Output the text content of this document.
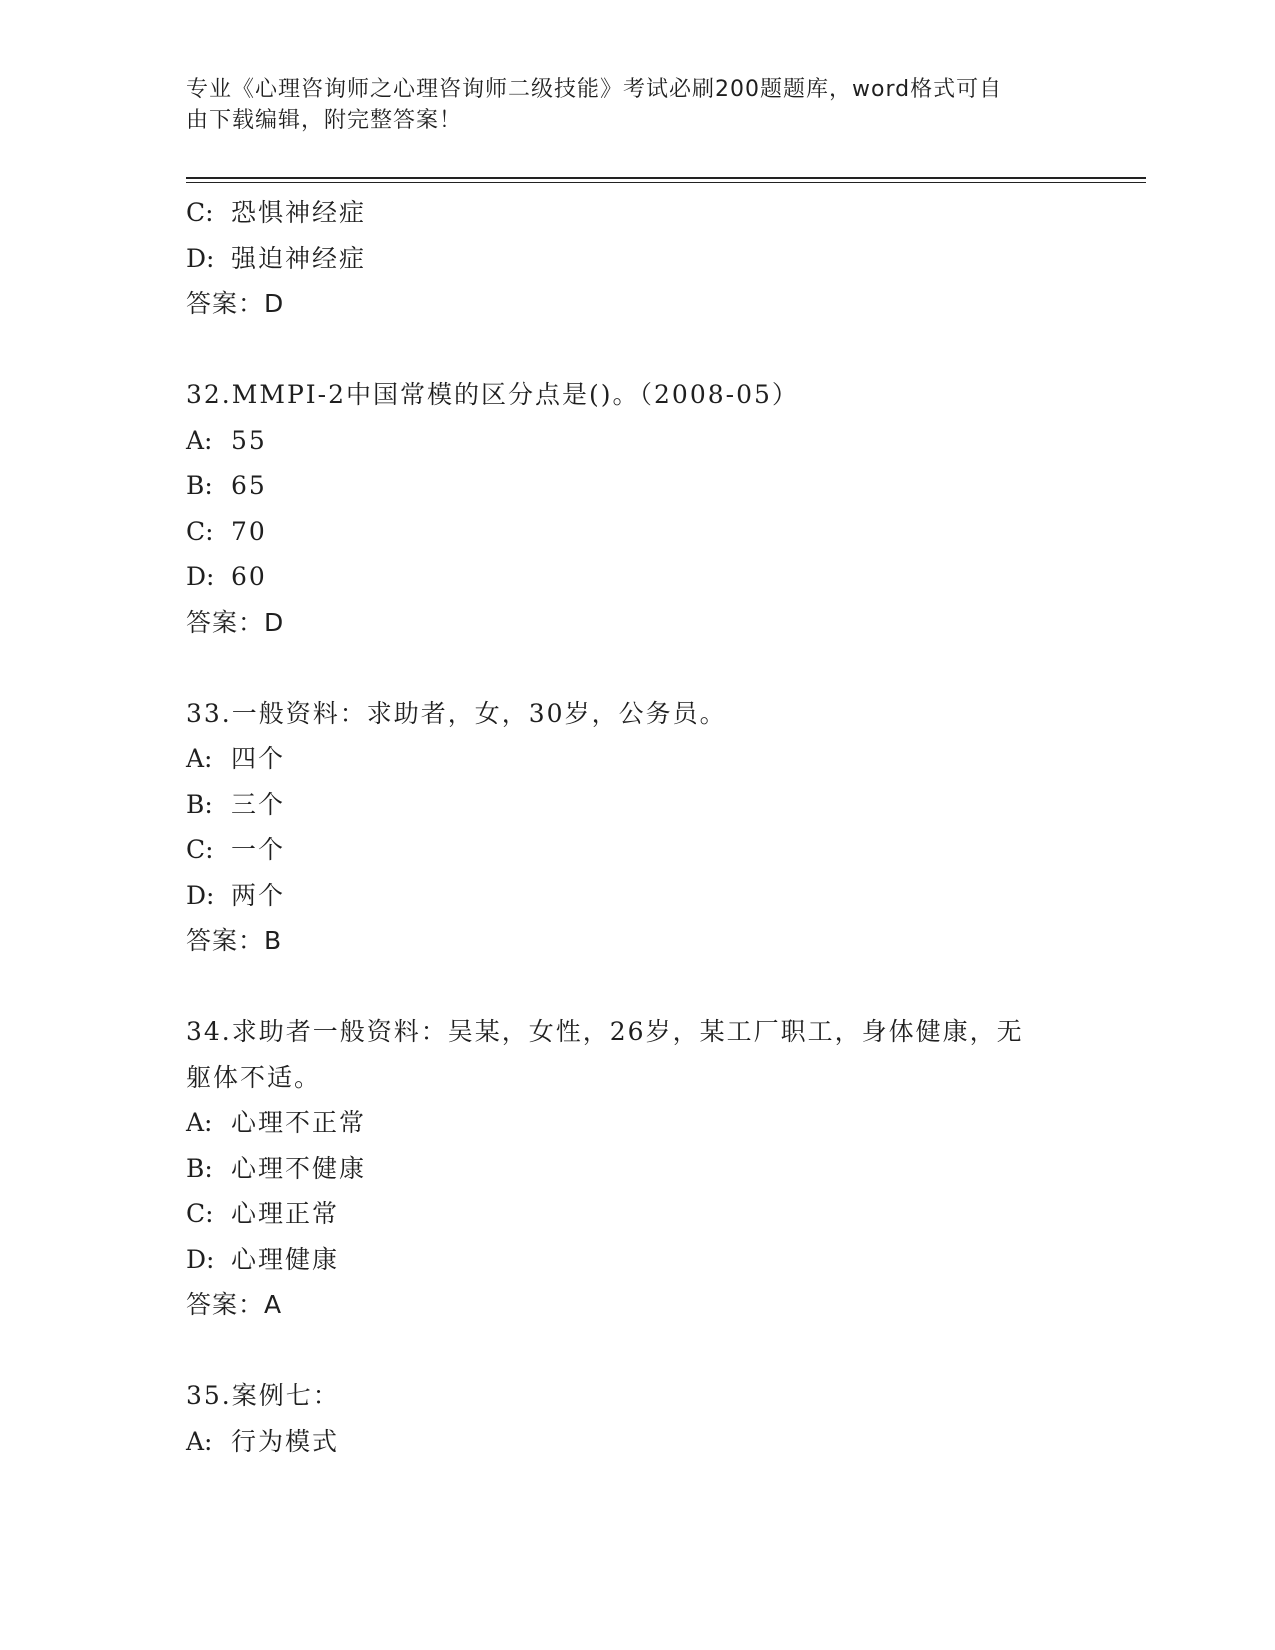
专业《心理咨询师之心理咨询师二级技能》考试必刷200题题库，word格式可自
由下载编辑，附完整答案！
C: 恐惧神经症
D: 强迫神经症
答案：D
32.MMPI-2中国常模的区分点是()。（2008-05）
A: 55
B: 65
C: 70
D: 60
答案：D
33.一般资料：求助者，女，30岁，公务员。
A: 四个
B: 三个
C: 一个
D: 两个
答案：B
34.求助者一般资料：吴某，女性，26岁，某工厂职工，身体健康，无
躯体不适。
A: 心理不正常
B: 心理不健康
C: 心理正常
D: 心理健康
答案：A
35.案例七：
A: 行为模式
